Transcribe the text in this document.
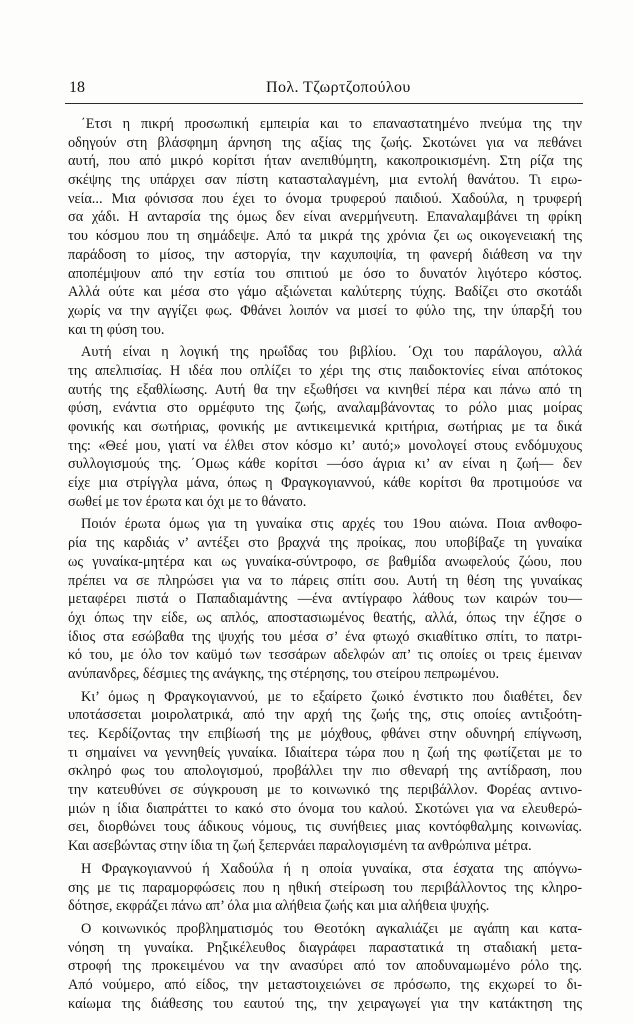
18	Πολ. Τζωρτζοπούλου
΄Ετσι η πικρή προσωπική εμπειρία και το επαναστατημένο πνεύμα της την
οδηγούν στη βλάσφημη άρνηση της αξίας της ζωής. Σκοτώνει για να πεθάνει
αυτή, που από μικρό κορίτσι ήταν ανεπιθύμητη, κακοπροικισμένη. Στη ρίζα της
σκέψης της υπάρχει σαν πίστη κατασταλαγμένη, μια εντολή θανάτου. Τι ειρω-
νεία... Μια φόνισσα που έχει το όνομα τρυφερού παιδιού. Χαδούλα, η τρυφερή
σα χάδι. Η ανταρσία της όμως δεν είναι ανερμήνευτη. Επαναλαμβάνει τη φρίκη
του κόσμου που τη σημάδεψε. Από τα μικρά της χρόνια ζει ως οικογενειακή της
παράδοση το μίσος, την αστοργία, την καχυποψία, τη φανερή διάθεση να την
αποπέμψουν από την εστία του σπιτιού με όσο το δυνατόν λιγότερο κόστος.
Αλλά ούτε και μέσα στο γάμο αξιώνεται καλύτερης τύχης. Βαδίζει στο σκοτάδι
χωρίς να την αγγίζει φως. Φθάνει λοιπόν να μισεί το φύλο της, την ύπαρξή του
και τη φύση του.
Αυτή είναι η λογική της ηρωΐδας του βιβλίου. ΄Οχι του παράλογου, αλλά
της απελπισίας. Η ιδέα που οπλίζει το χέρι της στις παιδοκτονίες είναι απότοκος
αυτής της εξαθλίωσης. Αυτή θα την εξωθήσει να κινηθεί πέρα και πάνω από τη
φύση, ενάντια στο ορμέφυτο της ζωής, αναλαμβάνοντας το ρόλο μιας μοίρας
φονικής και σωτήριας, φονικής με αντικειμενικά κριτήρια, σωτήριας με τα δικά
της: «Θεέ μου, γιατί να έλθει στον κόσμο κι’ αυτό;» μονολογεί στους ενδόμυχους
συλλογισμούς της. ΄Ομως κάθε κορίτσι —όσο άγρια κι’ αν είναι η ζωή— δεν
είχε μια στρίγγλα μάνα, όπως η Φραγκογιαννού, κάθε κορίτσι θα προτιμούσε να
σωθεί με τον έρωτα και όχι με το θάνατο.
Ποιόν έρωτα όμως για τη γυναίκα στις αρχές του 19ου αιώνα. Ποια ανθοφο-
ρία της καρδιάς ν’ αντέξει στο βραχνά της προίκας, που υποβίβαζε τη γυναίκα
ως γυναίκα-μητέρα και ως γυναίκα-σύντροφο, σε βαθμίδα ανωφελούς ζώου, που
πρέπει να σε πληρώσει για να το πάρεις σπίτι σου. Αυτή τη θέση της γυναίκας
μεταφέρει πιστά ο Παπαδιαμάντης —ένα αντίγραφο λάθους των καιρών του—
όχι όπως την είδε, ως απλός, αποστασιωμένος θεατής, αλλά, όπως την έζησε ο
ίδιος στα εσώβαθα της ψυχής του μέσα σ’ ένα φτωχό σκιαθίτικο σπίτι, το πατρι-
κό του, με όλο τον καϋμό των τεσσάρων αδελφών απ’ τις οποίες οι τρεις έμειναν
ανύπανδρες, δέσμιες της ανάγκης, της στέρησης, του στείρου πεπρωμένου.
Κι’ όμως η Φραγκογιαννού, με το εξαίρετο ζωικό ένστικτο που διαθέτει, δεν
υποτάσσεται μοιρολατρικά, από την αρχή της ζωής της, στις οποίες αντιξοότη-
τες. Κερδίζοντας την επιβίωσή της με μόχθους, φθάνει στην οδυνηρή επίγνωση,
τι σημαίνει να γεννηθείς γυναίκα. Ιδιαίτερα τώρα που η ζωή της φωτίζεται με το
σκληρό φως του απολογισμού, προβάλλει την πιο σθεναρή της αντίδραση, που
την κατευθύνει σε σύγκρουση με το κοινωνικό της περιβάλλον. Φορέας αντινο-
μιών η ίδια διαπράττει το κακό στο όνομα του καλού. Σκοτώνει για να ελευθερώ-
σει, διορθώνει τους άδικους νόμους, τις συνήθειες μιας κοντόφθαλμης κοινωνίας.
Και ασεβώντας στην ίδια τη ζωή ξεπερνάει παραλογισμένη τα ανθρώπινα μέτρα.
Η Φραγκογιαννού ή Χαδούλα ή η οποία γυναίκα, στα έσχατα της απόγνω-
σης με τις παραμορφώσεις που η ηθική στείρωση του περιβάλλοντος της κληρο-
δότησε, εκφράζει πάνω απ’ όλα μια αλήθεια ζωής και μια αλήθεια ψυχής.
Ο κοινωνικός προβληματισμός του Θεοτόκη αγκαλιάζει με αγάπη και κατα-
νόηση τη γυναίκα. Ρηξικέλευθος διαγράφει παραστατικά τη σταδιακή μετα-
στροφή της προκειμένου να την ανασύρει από τον αποδυναμωμένο ρόλο της.
Από νούμερο, από είδος, την μεταστοιχειώνει σε πρόσωπο, της εκχωρεί το δι-
καίωμα της διάθεσης του εαυτού της, την χειραγωγεί για την κατάκτηση της
